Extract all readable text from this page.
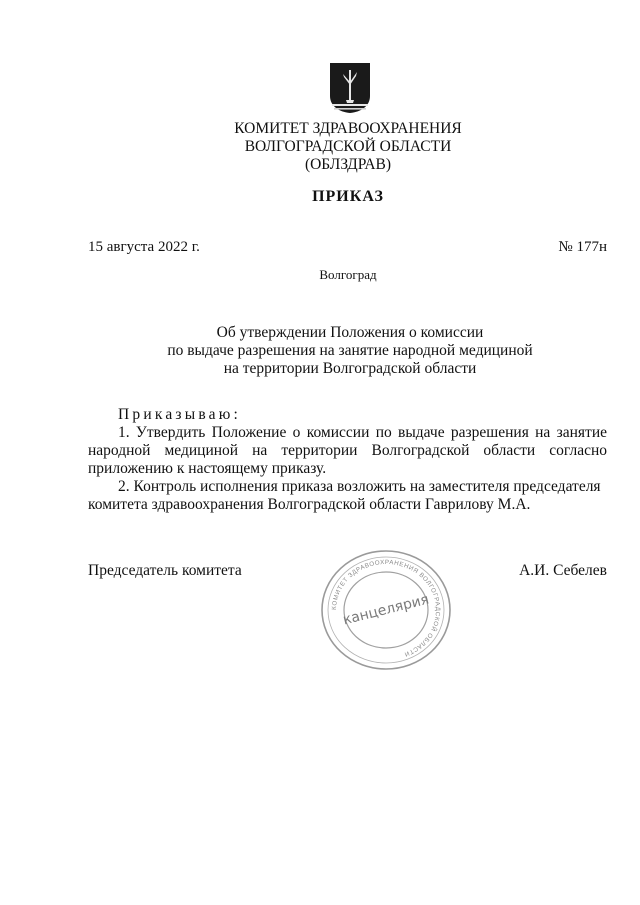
КОМИТЕТ ЗДРАВООХРАНЕНИЯ
ВОЛГОГРАДСКОЙ ОБЛАСТИ
(ОБЛЗДРАВ)
ПРИКАЗ
15 августа 2022 г.	№ 177н
Волгоград
Об утверждении Положения о комиссии
по выдаче разрешения на занятие народной медициной
на территории Волгоградской области
Приказываю:
1. Утвердить Положение о комиссии по выдаче разрешения на занятие народной медициной на территории Волгоградской области согласно приложению к настоящему приказу.
2. Контроль исполнения приказа возложить на заместителя председателя комитета здравоохранения Волгоградской области Гаврилову М.А.
Председатель комитета	А.И. Себелев
КОМИТЕТ ЗДРАВООХРАНЕНИЯ ВОЛГОГРАДСКОЙ ОБЛАСТИ
канцелярия
